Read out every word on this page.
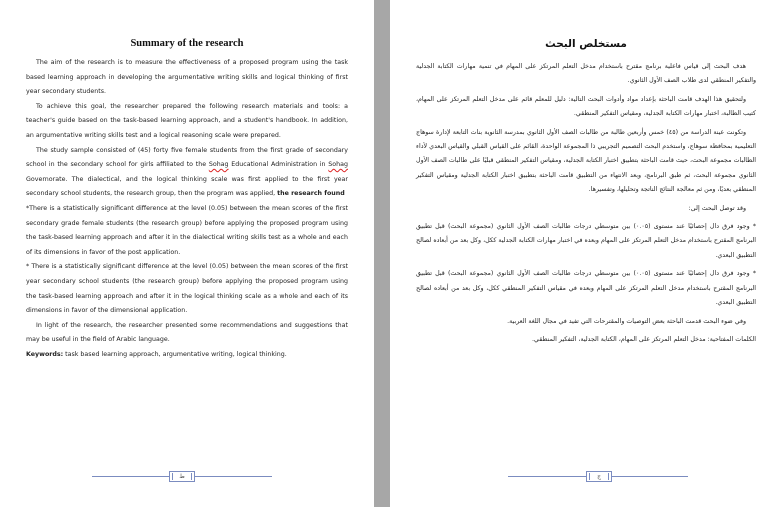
Summary of the research

The aim of the research is to measure the effectiveness of a proposed program using the task based learning approach in developing the argumentative writing skills and logical thinking of first year secondary students.

To achieve this goal, the researcher prepared the following research materials and tools: a teacher's guide based on the task-based learning approach, and a student's handbook. In addition, an argumentative writing skills test and a logical reasoning scale were prepared.

The study sample consisted of (45) forty five female students from the first grade of secondary school in the secondary school for girls affiliated to the Sohag Educational Administration in Sohag Governorate. The dialectical, and the logical thinking scale was first applied to the first year secondary school students, the research group, then the program was applied, the research found

*There is a statistically significant difference at the level (0.05) between the mean scores of the first secondary grade female students (the research group) before applying the proposed program using the task-based learning approach and after it in the dialectical writing skills test as a whole and each of its dimensions in favor of the post application.

* There is a statistically significant difference at the level (0.05) between the mean scores of the first year secondary school students (the research group) before applying the proposed program using the task-based learning approach and after it in the logical thinking scale as a whole and each of its dimensions in favor of the dimensional application.

In light of the research, the researcher presented some recommendations and suggestions that may be useful in the field of Arabic language.

Keywords: task based learning approach, argumentative writing, logical thinking.

ط
مستخلص البحث

هدف البحث إلى قياس فاعلية برنامج مقترح باستخدام مدخل التعلم المرتكز على المهام في تنمية مهارات الكتابة الجدلية والتفكير المنطقي لدى طلاب الصف الأول الثانوي.

ولتحقيق هذا الهدف قامت الباحثة بإعداد مواد وأدوات البحث التالية: دليل للمعلم قائم على مدخل التعلم المرتكز على المهام، كتيب الطالبة، اختبار مهارات الكتابة الجدلية، ومقياس التفكير المنطقي.

وتكونت عينة الدراسة من (٤٥) خمس وأربعين طالبة من طالبات الصف الأول الثانوي بمدرسة الثانوية بنات التابعة لإدارة سوهاج التعليمية بمحافظة سوهاج، واستخدم البحث التصميم التجريبي ذا المجموعة الواحدة، القائم على القياس القبلي والقياس البعدي لأداء الطالبات مجموعة البحث، حيث قامت الباحثة بتطبيق اختبار الكتابة الجدلية، ومقياس التفكير المنطقي قبليًا على طالبات الصف الأول الثانوي مجموعة البحث، ثم طبق البرنامج، وبعد الانتهاء من التطبيق قامت الباحثة بتطبيق اختبار الكتابة الجدلية ومقياس التفكير المنطقي بعديًا، ومن ثم معالجة النتائج الناتجة وتحليلها، وتفسيرها.

وقد توصل البحث إلى:

* وجود فرق دال إحصائيًا عند مستوى (٠.٠٥) بين متوسطي درجات طالبات الصف الأول الثانوي (مجموعة البحث) قبل تطبيق البرنامج المقترح باستخدام مدخل التعلم المرتكز على المهام وبعده في اختبار مهارات الكتابة الجدلية ككل، وكل بعد من أبعاده لصالح التطبيق البعدي.

* وجود فرق دال إحصائيًا عند مستوى (٠.٠٥) بين متوسطي درجات طالبات الصف الأول الثانوي (مجموعة البحث) قبل تطبيق البرنامج المقترح باستخدام مدخل التعلم المرتكز على المهام وبعده في مقياس التفكير المنطقي ككل، وكل بعد من أبعاده لصالح التطبيق البعدي.

وفي ضوء البحث قدمت الباحثة بعض التوصيات والمقترحات التي تفيد في مجال اللغة العربية.

الكلمات المفتاحية: مدخل التعلم المرتكز على المهام، الكتابة الجدلية، التفكير المنطقي.

ج
